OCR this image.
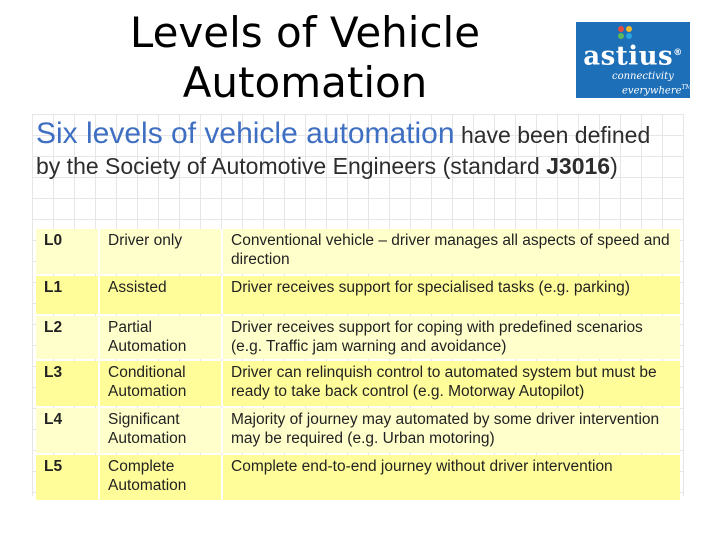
Levels of Vehicle
Automation
astius®
connectivity
everywhere™
Six levels of vehicle automation have been defined by the Society of Automotive Engineers (standard J3016)
L0	Driver only	Conventional vehicle – driver manages all aspects of speed and direction
L1	Assisted	Driver receives support for specialised tasks (e.g. parking)
L2	Partial Automation	Driver receives support for coping with predefined scenarios (e.g. Traffic jam warning and avoidance)
L3	Conditional Automation	Driver can relinquish control to automated system but must be ready to take back control (e.g. Motorway Autopilot)
L4	Significant Automation	Majority of journey may automated by some driver intervention may be required (e.g. Urban motoring)
L5	Complete Automation	Complete end-to-end journey without driver intervention
